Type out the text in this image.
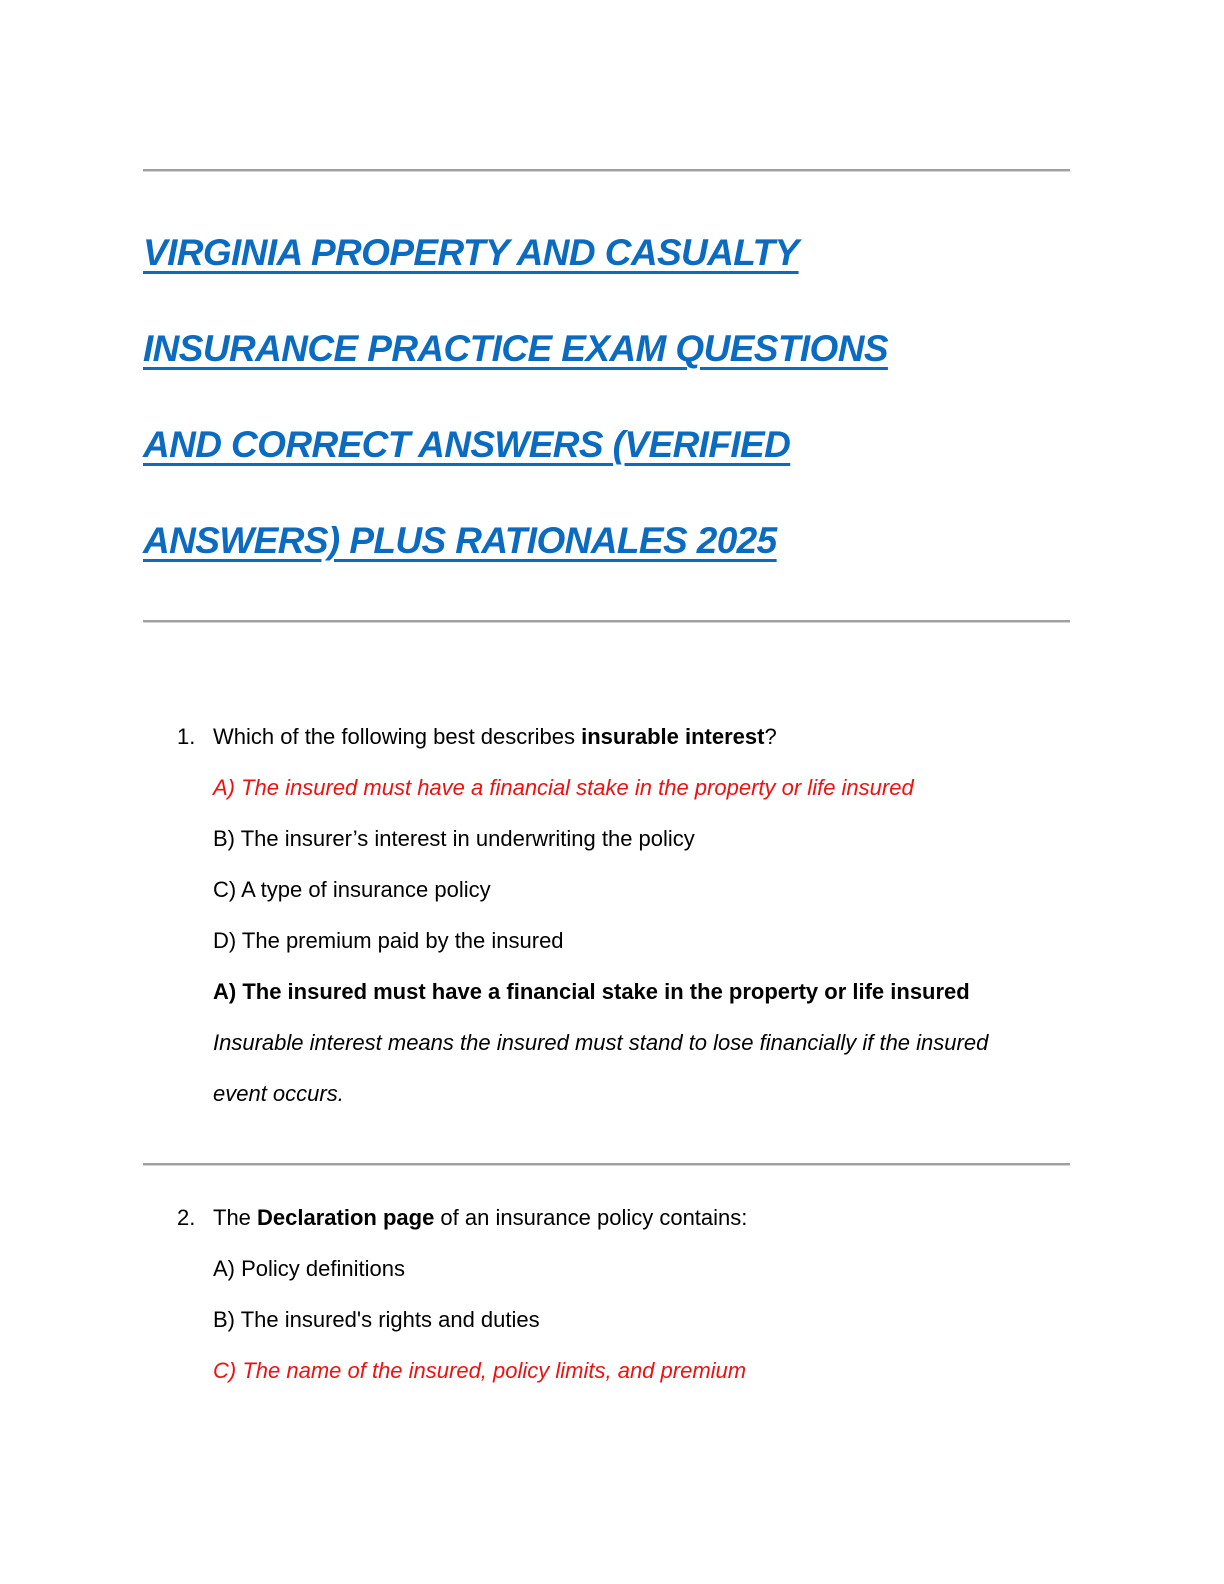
VIRGINIA PROPERTY AND CASUALTY
INSURANCE PRACTICE EXAM QUESTIONS
AND CORRECT ANSWERS (VERIFIED
ANSWERS) PLUS RATIONALES 2025
1. Which of the following best describes insurable interest?
A) The insured must have a financial stake in the property or life insured
B) The insurer’s interest in underwriting the policy
C) A type of insurance policy
D) The premium paid by the insured
A) The insured must have a financial stake in the property or life insured
Insurable interest means the insured must stand to lose financially if the insured event occurs.
2. The Declaration page of an insurance policy contains:
A) Policy definitions
B) The insured's rights and duties
C) The name of the insured, policy limits, and premium
